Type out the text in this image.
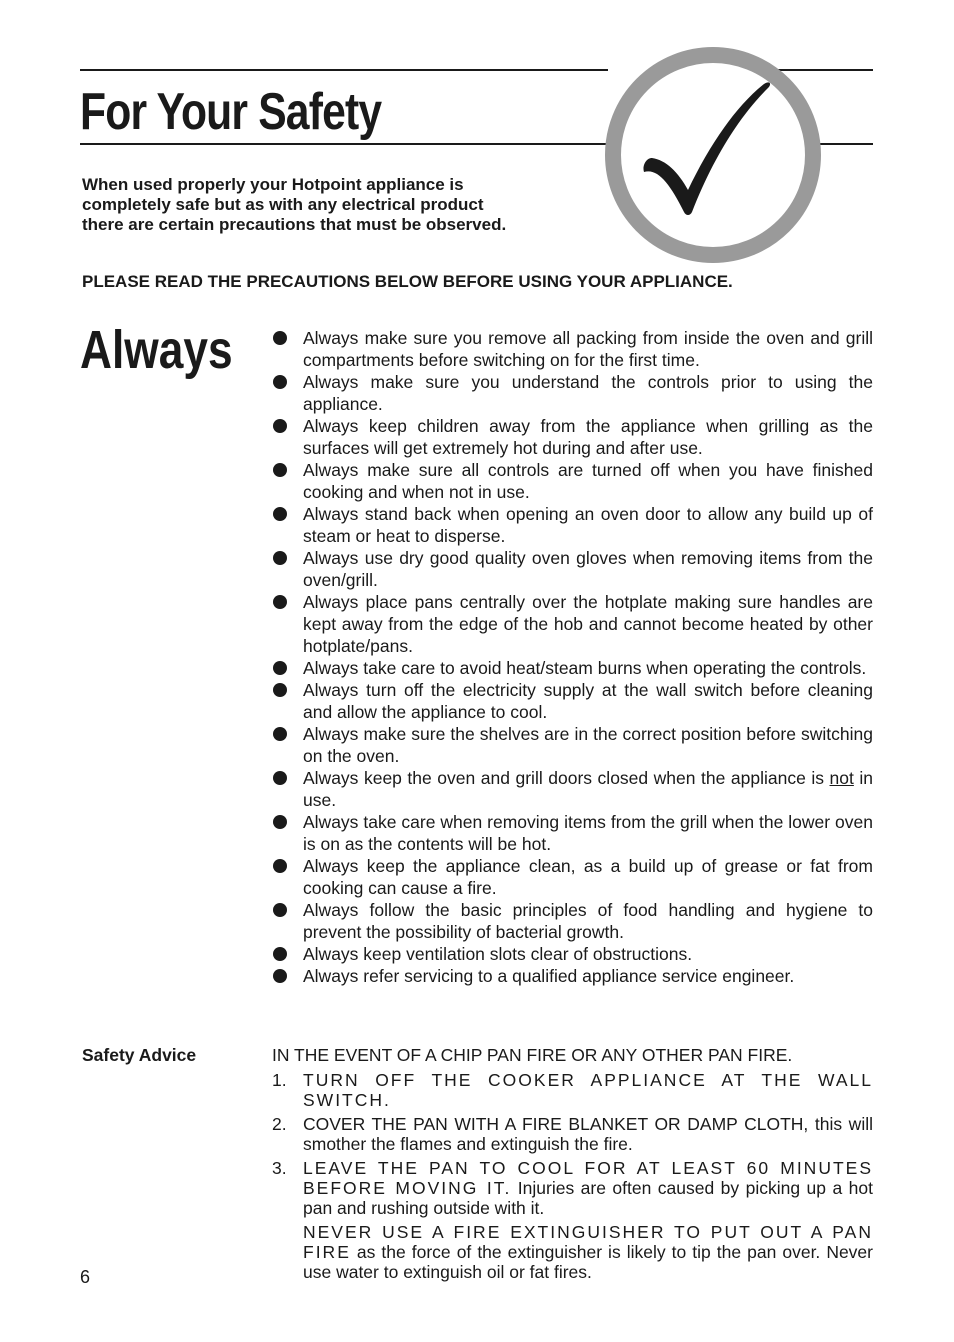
For Your Safety
When used properly your Hotpoint appliance is completely safe but as with any electrical product there are certain precautions that must be observed.
PLEASE READ THE PRECAUTIONS BELOW BEFORE USING YOUR APPLIANCE.
Always	Always make sure you remove all packing from inside the oven and grill compartments before switching on for the first time.
Always make sure you understand the controls prior to using the appliance.
Always keep children away from the appliance when grilling as the surfaces will get extremely hot during and after use.
Always make sure all controls are turned off when you have finished cooking and when not in use.
Always stand back when opening an oven door to allow any build up of steam or heat to disperse.
Always use dry good quality oven gloves when removing items from the oven/grill.
Always place pans centrally over the hotplate making sure handles are kept away from the edge of the hob and cannot become heated by other hotplate/pans.
Always take care to avoid heat/steam burns when operating the controls.
Always turn off the electricity supply at the wall switch before cleaning and allow the appliance to cool.
Always make sure the shelves are in the correct position before switching on the oven.
Always keep the oven and grill doors closed when the appliance is not in use.
Always take care when removing items from the grill when the lower oven is on as the contents will be hot.
Always keep the appliance clean, as a build up of grease or fat from cooking can cause a fire.
Always follow the basic principles of food handling and hygiene to prevent the possibility of bacterial growth.
Always keep ventilation slots clear of obstructions.
Always refer servicing to a qualified appliance service engineer.
Safety Advice	IN THE EVENT OF A CHIP PAN FIRE OR ANY OTHER PAN FIRE.

1. TURN OFF THE COOKER APPLIANCE AT THE WALL SWITCH.
2. COVER THE PAN WITH A FIRE BLANKET OR DAMP CLOTH, this will smother the flames and extinguish the fire.
3. LEAVE THE PAN TO COOL FOR AT LEAST 60 MINUTES BEFORE MOVING IT. Injuries are often caused by picking up a hot pan and rushing outside with it.
NEVER USE A FIRE EXTINGUISHER TO PUT OUT A PAN FIRE as the force of the extinguisher is likely to tip the pan over. Never use water to extinguish oil or fat fires.
6
